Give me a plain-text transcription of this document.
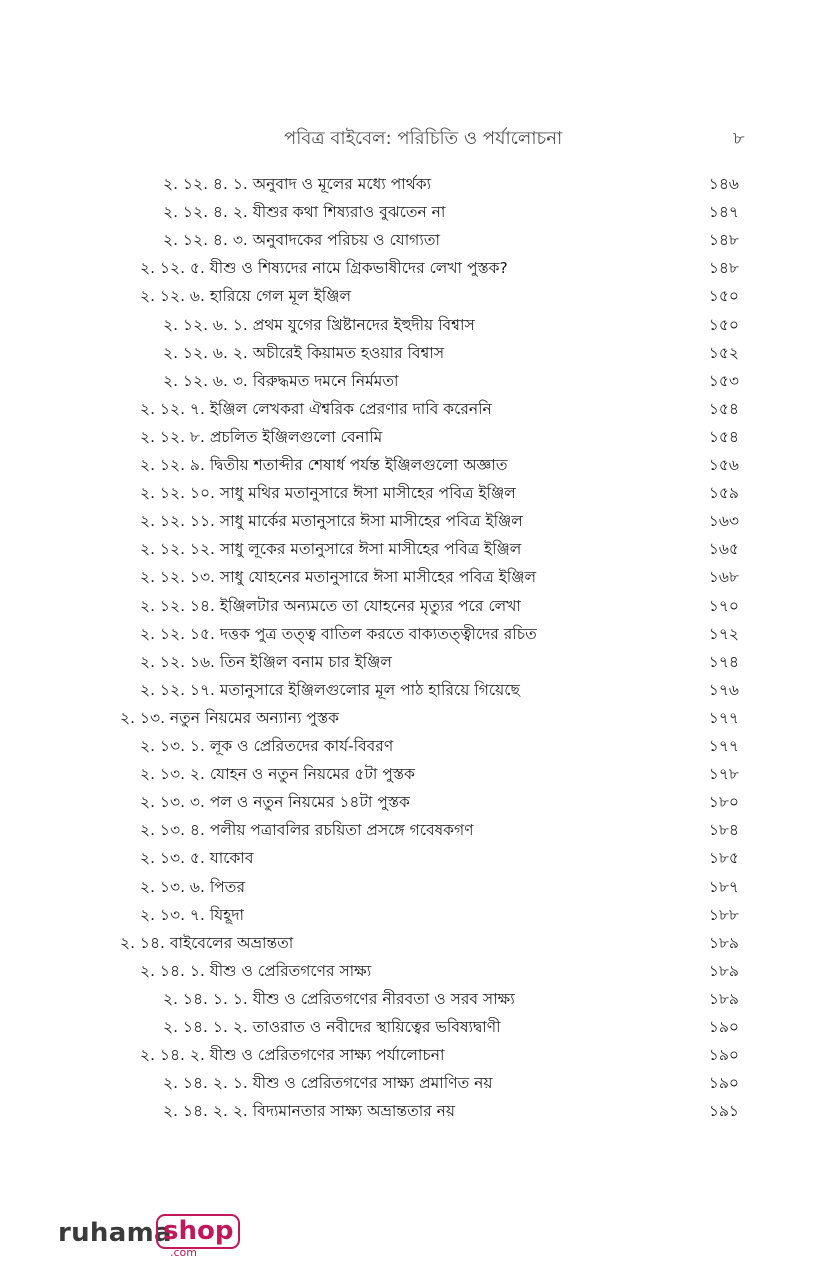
পবিত্র বাইবেল: পরিচিতি ও পর্যালোচনা	৮
২. ১২. ৪. ১. অনুবাদ ও মূলের মধ্যে পার্থক্য	১৪৬
২. ১২. ৪. ২. যীশুর কথা শিষ্যরাও বুঝতেন না	১৪৭
২. ১২. ৪. ৩. অনুবাদকের পরিচয় ও যোগ্যতা	১৪৮
২. ১২. ৫. যীশু ও শিষ্যদের নামে গ্রিকভাষীদের লেখা পুস্তক?	১৪৮
২. ১২. ৬. হারিয়ে গেল মূল ইঞ্জিল	১৫০
২. ১২. ৬. ১. প্রথম যুগের খ্রিষ্টানদের ইহুদীয় বিশ্বাস	১৫০
২. ১২. ৬. ২. অচীরেই কিয়ামত হওয়ার বিশ্বাস	১৫২
২. ১২. ৬. ৩. বিরুদ্ধমত দমনে নির্মমতা	১৫৩
২. ১২. ৭. ইঞ্জিল লেখকরা ঐশ্বরিক প্রেরণার দাবি করেননি	১৫৪
২. ১২. ৮. প্রচলিত ইঞ্জিলগুলো বেনামি	১৫৪
২. ১২. ৯. দ্বিতীয় শতাব্দীর শেষার্ধ পর্যন্ত ইঞ্জিলগুলো অজ্ঞাত	১৫৬
২. ১২. ১০. সাধু মথির মতানুসারে ঈসা মাসীহের পবিত্র ইঞ্জিল	১৫৯
২. ১২. ১১. সাধু মার্কের মতানুসারে ঈসা মাসীহের পবিত্র ইঞ্জিল	১৬৩
২. ১২. ১২. সাধু লূকের মতানুসারে ঈসা মাসীহের পবিত্র ইঞ্জিল	১৬৫
২. ১২. ১৩. সাধু যোহনের মতানুসারে ঈসা মাসীহের পবিত্র ইঞ্জিল	১৬৮
২. ১২. ১৪. ইঞ্জিলটার অন্যমতে তা যোহনের মৃত্যুর পরে লেখা	১৭০
২. ১২. ১৫. দত্তক পুত্র তত্ত্ব বাতিল করতে বাক্যতত্ত্বীদের রচিত	১৭২
২. ১২. ১৬. তিন ইঞ্জিল বনাম চার ইঞ্জিল	১৭৪
২. ১২. ১৭. মতানুসারে ইঞ্জিলগুলোর মূল পাঠ হারিয়ে গিয়েছে	১৭৬
২. ১৩. নতুন নিয়মের অন্যান্য পুস্তক	১৭৭
২. ১৩. ১. লূক ও প্রেরিতদের কার্য-বিবরণ	১৭৭
২. ১৩. ২. যোহন ও নতুন নিয়মের ৫টা পুস্তক	১৭৮
২. ১৩. ৩. পল ও নতুন নিয়মের ১৪টা পুস্তক	১৮০
২. ১৩. ৪. পলীয় পত্রাবলির রচয়িতা প্রসঙ্গে গবেষকগণ	১৮৪
২. ১৩. ৫. যাকোব	১৮৫
২. ১৩. ৬. পিতর	১৮৭
২. ১৩. ৭. যিহূদা	১৮৮
২. ১৪. বাইবেলের অভ্রান্ততা	১৮৯
২. ১৪. ১. যীশু ও প্রেরিতগণের সাক্ষ্য	১৮৯
২. ১৪. ১. ১. যীশু ও প্রেরিতগণের নীরবতা ও সরব সাক্ষ্য	১৮৯
২. ১৪. ১. ২. তাওরাত ও নবীদের স্থায়িত্বের ভবিষ্যদ্বাণী	১৯০
২. ১৪. ২. যীশু ও প্রেরিতগণের সাক্ষ্য পর্যালোচনা	১৯০
২. ১৪. ২. ১. যীশু ও প্রেরিতগণের সাক্ষ্য প্রমাণিত নয়	১৯০
২. ১৪. ২. ২. বিদ্যমানতার সাক্ষ্য অভ্রান্ততার নয়	১৯১
ruhama
shop
.com
